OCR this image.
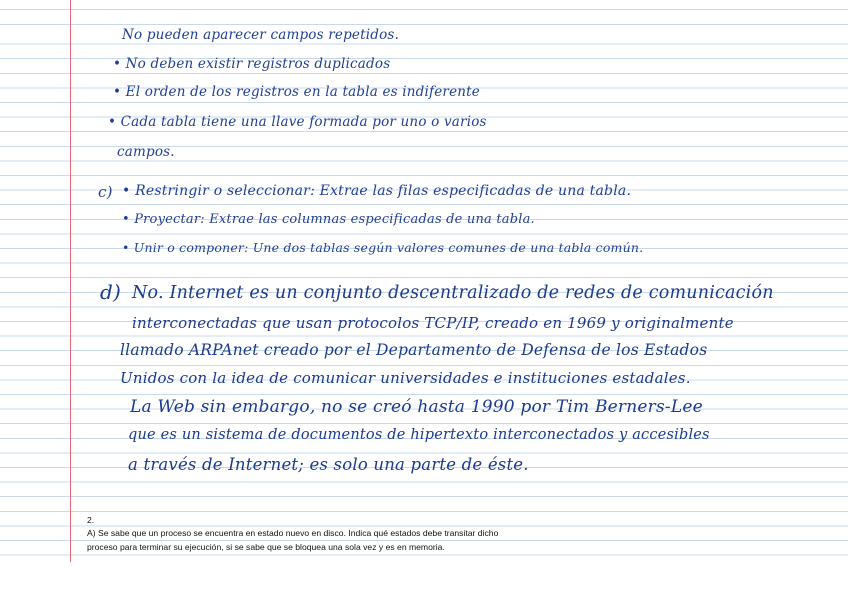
No pueden aparecer campos repetidos.
• No deben existir registros duplicados
• El orden de los registros en la tabla es indiferente
• Cada tabla tiene una llave formada por uno o varios
campos.
c) • Restringir o seleccionar: Extrae las filas especificadas de una tabla.
• Proyectar: Extrae las columnas especificadas de una tabla.
• Unir o componer: Une dos tablas según valores comunes de una tabla común.
d) No. Internet es un conjunto descentralizado de redes de comunicación
interconectadas que usan protocolos TCP/IP, creado en 1969 y originalmente
llamado ARPAnet creado por el Departamento de Defensa de los Estados
Unidos con la idea de comunicar universidades e instituciones estadales.
La Web sin embargo, no se creó hasta 1990 por Tim Berners-Lee
que es un sistema de documentos de hipertexto interconectados y accesibles
a través de Internet; es solo una parte de éste.
2.
A) Se sabe que un proceso se encuentra en estado nuevo en disco. Indica qué estados debe transitar dicho
proceso para terminar su ejecución, si se sabe que se bloquea una sola vez y es en memoria.
